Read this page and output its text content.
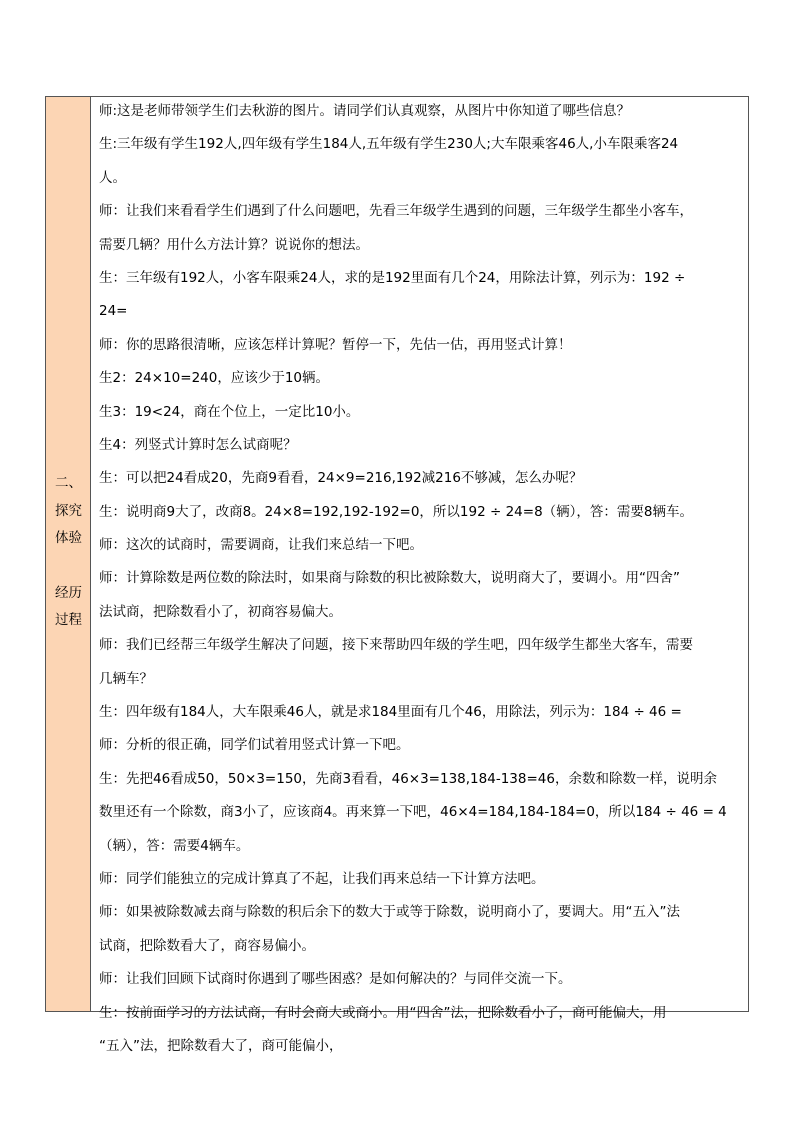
二、
探究
体验
经历
过程
师:这是老师带领学生们去秋游的图片。请同学们认真观察，从图片中你知道了哪些信息？
生:三年级有学生192人,四年级有学生184人,五年级有学生230人;大车限乘客46人,小车限乘客24
人。
师：让我们来看看学生们遇到了什么问题吧，先看三年级学生遇到的问题，三年级学生都坐小客车，
需要几辆？用什么方法计算？说说你的想法。
生：三年级有192人，小客车限乘24人，求的是192里面有几个24，用除法计算，列示为：192 ÷
24=
师：你的思路很清晰，应该怎样计算呢？暂停一下，先估一估，再用竖式计算！
生2：24×10=240，应该少于10辆。
生3：19<24，商在个位上，一定比10小。
生4：列竖式计算时怎么试商呢？
生：可以把24看成20，先商9看看，24×9=216,192减216不够减，怎么办呢？
生：说明商9大了，改商8。24×8=192,192-192=0，所以192 ÷ 24=8（辆），答：需要8辆车。
师：这次的试商时，需要调商，让我们来总结一下吧。
师：计算除数是两位数的除法时，如果商与除数的积比被除数大，说明商大了，要调小。用“四舍”
法试商，把除数看小了，初商容易偏大。
师：我们已经帮三年级学生解决了问题，接下来帮助四年级的学生吧，四年级学生都坐大客车，需要
几辆车？
生：四年级有184人，大车限乘46人，就是求184里面有几个46，用除法，列示为：184 ÷ 46 =
师：分析的很正确，同学们试着用竖式计算一下吧。
生：先把46看成50，50×3=150，先商3看看，46×3=138,184-138=46，余数和除数一样，说明余
数里还有一个除数，商3小了，应该商4。再来算一下吧，46×4=184,184-184=0，所以184 ÷ 46 = 4
（辆），答：需要4辆车。
师：同学们能独立的完成计算真了不起，让我们再来总结一下计算方法吧。
师：如果被除数减去商与除数的积后余下的数大于或等于除数，说明商小了，要调大。用“五入”法
试商，把除数看大了，商容易偏小。
师：让我们回顾下试商时你遇到了哪些困惑？是如何解决的？与同伴交流一下。
生：按前面学习的方法试商，有时会商大或商小。用“四舍”法，把除数看小了，商可能偏大，用
“五入”法，把除数看大了，商可能偏小，
